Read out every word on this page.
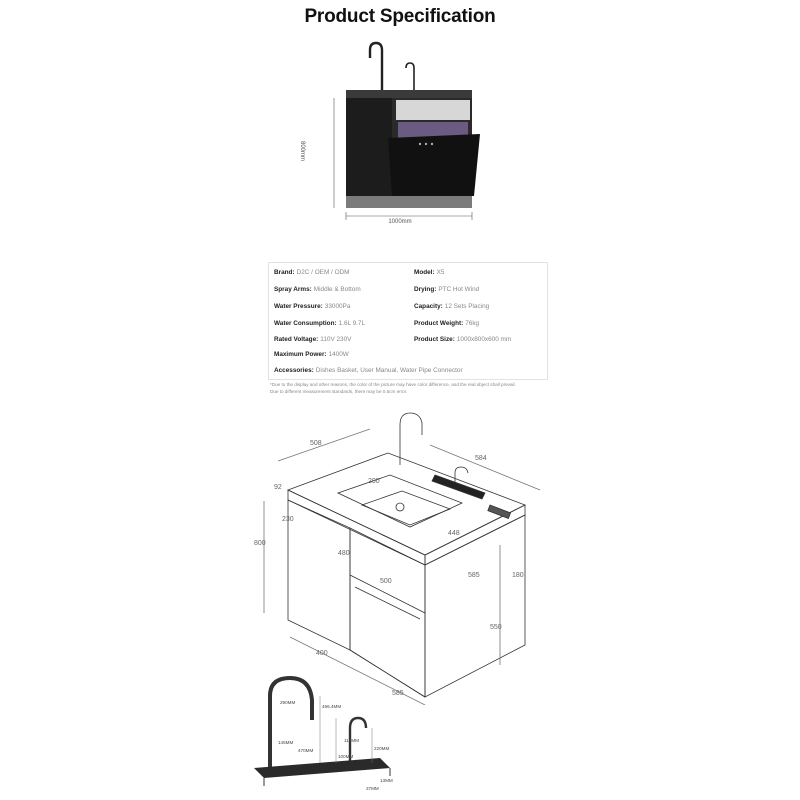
Product Specification
800mm
1000mm
Brand: D2C / OEM / ODM
Spray Arms: Middle & Bottom
Water Pressure: 33000Pa
Water Consumption: 1.6L 9.7L
Rated Voltage: 110V 230V
Maximum Power: 1400W
Model: X5
Drying: PTC Hot Wind
Capacity: 12 Sets Placing
Product Weight: 76kg
Product Size: 1000x800x600 mm
Accessories: Dishes Basket, User Manual, Water Pipe Connector
*Due to the display and other reasons, the color of the picture may have color difference, and the real object shall prevail.
Due to different measurement standards, there may be 0.5cm error.
508
584
92
230
800
200
480
448
500
585	180
550
400
585
290MM
496.4MM
115MM
220MM
145MM
470MM
100MM
13MM
37MM
